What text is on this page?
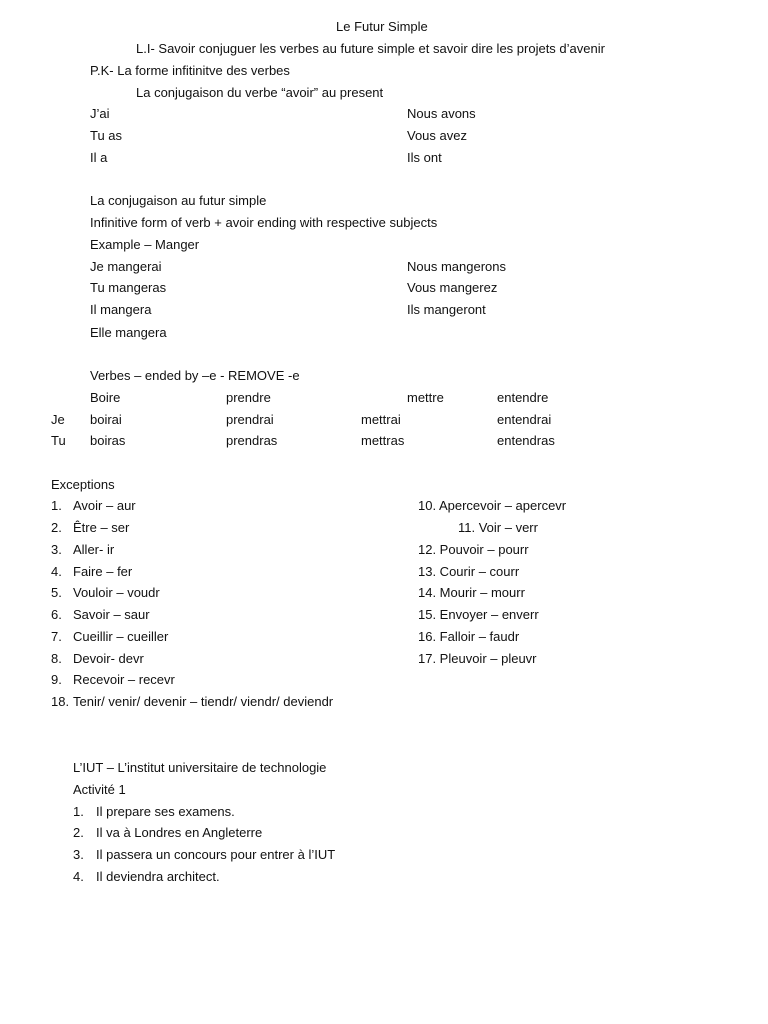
Le Futur Simple
L.I- Savoir conjuguer les verbes au future simple et savoir dire les projets d’avenir
P.K- La forme infitinitve des verbes
La conjugaison du verbe “avoir” au present
J’ai	Nous avons
Tu as	Vous avez
Il a	Ils ont
La conjugaison au futur simple
Infinitive form of verb + avoir ending with respective subjects
Example – Manger
Je mangerai	Nous mangerons
Tu mangeras	Vous mangerez
Il mangera	Ils mangeront
Elle mangera
Verbes – ended by –e - REMOVE -e
Boire	prendre	mettre	entendre
Je boirai	prendrai	mettrai	entendrai
Tu boiras	prendras	mettras	entendras
Exceptions
1. Avoir – aur
2. Être – ser
3. Aller- ir
4. Faire – fer
5. Vouloir – voudr
6. Savoir – saur
7. Cueillir – cueiller
8. Devoir- devr
9. Recevoir – recevr
18. Tenir/ venir/ devenir – tiendr/ viendr/ deviendr
10. Apercevoir – apercevr
11. Voir – verr
12. Pouvoir – pourr
13. Courir – courr
14. Mourir – mourr
15. Envoyer – enverr
16. Falloir – faudr
17. Pleuvoir – pleuvr
L’IUT – L’institut universitaire de technologie
Activité 1
1. Il prepare ses examens.
2. Il va à Londres en Angleterre
3. Il passera un concours pour entrer à l’IUT
4. Il deviendra architect.
